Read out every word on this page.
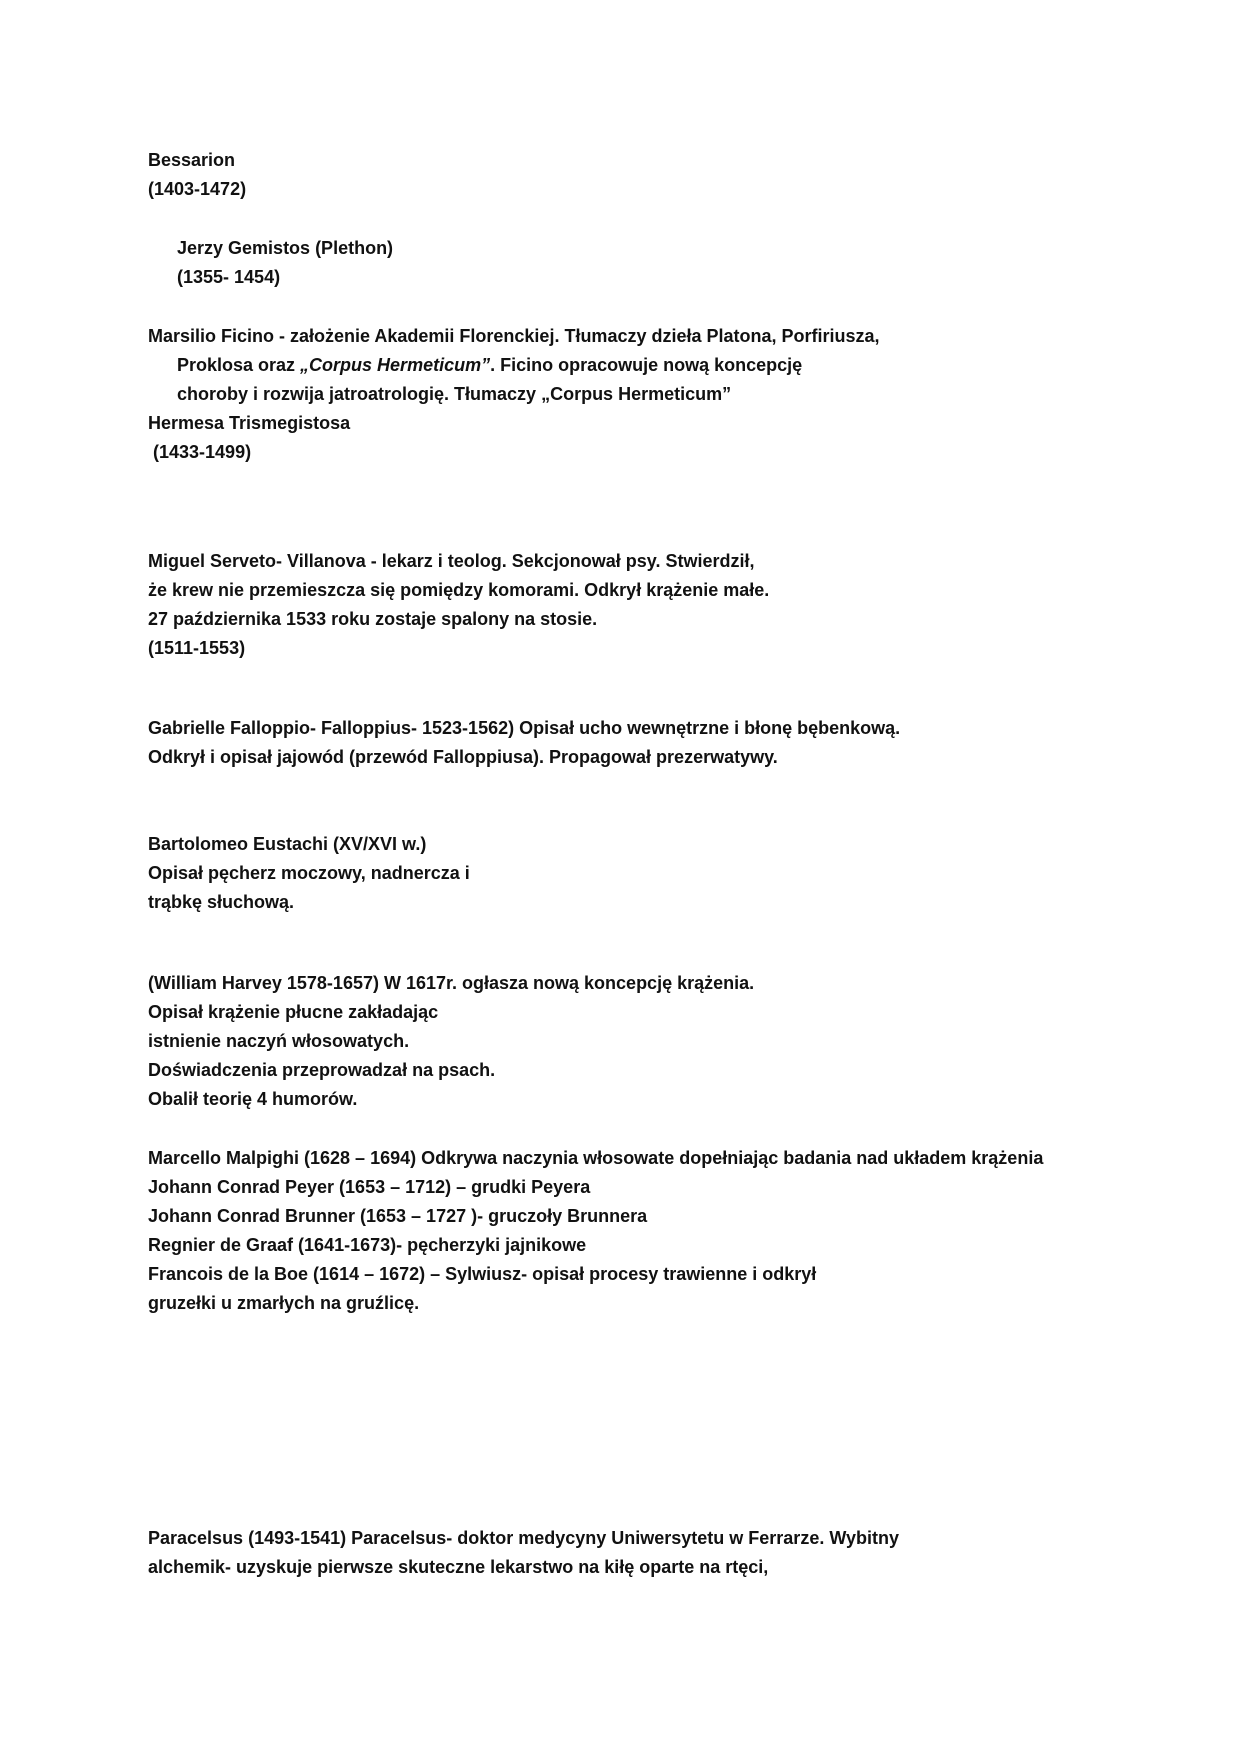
Bessarion
(1403-1472)
Jerzy Gemistos (Plethon)
(1355- 1454)
Marsilio Ficino - założenie Akademii Florenckiej. Tłumaczy dzieła Platona, Porfiriusza,
Proklosa oraz „Corpus Hermeticum”. Ficino opracowuje nową koncepcję
choroby i rozwija jatroatrologię. Tłumaczy „Corpus Hermeticum”
Hermesa Trismegistosa
(1433-1499)
Miguel Serveto- Villanova - lekarz i teolog. Sekcjonował psy. Stwierdził,
że krew nie przemieszcza się pomiędzy komorami. Odkrył krążenie małe.
27 października 1533 roku zostaje spalony na stosie.
(1511-1553)
Gabrielle Falloppio- Falloppius- 1523-1562) Opisał ucho wewnętrzne i błonę bębenkową.
Odkrył i opisał jajowód (przewód Falloppiusa). Propagował prezerwatywy.
Bartolomeo Eustachi (XV/XVI w.)
Opisał pęcherz moczowy, nadnercza i
trąbkę słuchową.
(William Harvey 1578-1657) W 1617r. ogłasza nową koncepcję krążenia.
Opisał krążenie płucne zakładając
istnienie naczyń włosowatych.
Doświadczenia przeprowadzał na psach.
Obalił teorię 4 humorów.
Marcello Malpighi (1628 – 1694) Odkrywa naczynia włosowate dopełniając badania nad układem krążenia
Johann Conrad Peyer (1653 – 1712) – grudki Peyera
Johann Conrad Brunner (1653 – 1727 )- gruczoły Brunnera
Regnier de Graaf (1641-1673)- pęcherzyki jajnikowe
Francois de la Boe (1614 – 1672) – Sylwiusz- opisał procesy trawienne i odkrył
gruzełki u zmarłych na gruźlicę.
Paracelsus (1493-1541) Paracelsus- doktor medycyny Uniwersytetu w Ferrarze. Wybitny
alchemik- uzyskuje pierwsze skuteczne lekarstwo na kiłę oparte na rtęci,
